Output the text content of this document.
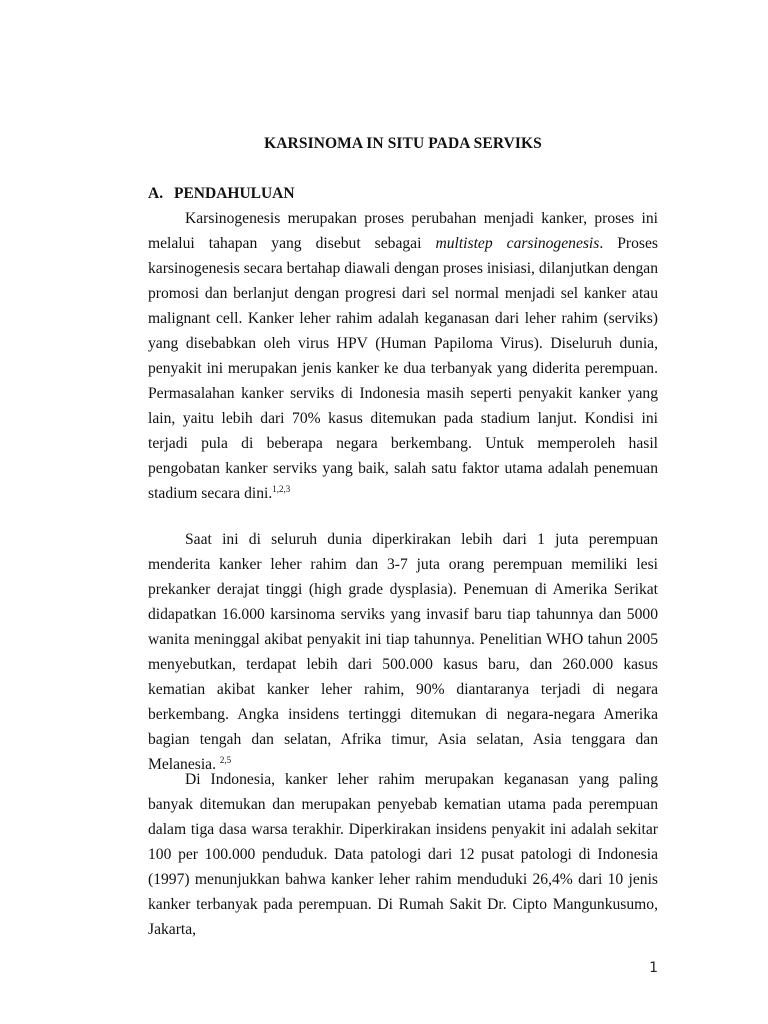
KARSINOMA IN SITU PADA SERVIKS
A. PENDAHULUAN

Karsinogenesis merupakan proses perubahan menjadi kanker, proses ini melalui tahapan yang disebut sebagai multistep carsinogenesis. Proses karsinogenesis secara bertahap diawali dengan proses inisiasi, dilanjutkan dengan promosi dan berlanjut dengan progresi dari sel normal menjadi sel kanker atau malignant cell. Kanker leher rahim adalah keganasan dari leher rahim (serviks) yang disebabkan oleh virus HPV (Human Papiloma Virus). Diseluruh dunia, penyakit ini merupakan jenis kanker ke dua terbanyak yang diderita perempuan. Permasalahan kanker serviks di Indonesia masih seperti penyakit kanker yang lain, yaitu lebih dari 70% kasus ditemukan pada stadium lanjut. Kondisi ini terjadi pula di beberapa negara berkembang. Untuk memperoleh hasil pengobatan kanker serviks yang baik, salah satu faktor utama adalah penemuan stadium secara dini.$^{1,2,3}$

Saat ini di seluruh dunia diperkirakan lebih dari 1 juta perempuan menderita kanker leher rahim dan 3-7 juta orang perempuan memiliki lesi prekanker derajat tinggi (high grade dysplasia). Penemuan di Amerika Serikat didapatkan 16.000 karsinoma serviks yang invasif baru tiap tahunnya dan 5000 wanita meninggal akibat penyakit ini tiap tahunnya. Penelitian WHO tahun 2005 menyebutkan, terdapat lebih dari 500.000 kasus baru, dan 260.000 kasus kematian akibat kanker leher rahim, 90% diantaranya terjadi di negara berkembang. Angka insidens tertinggi ditemukan di negara-negara Amerika bagian tengah dan selatan, Afrika timur, Asia selatan, Asia tenggara dan Melanesia. $^{2,5}$

Di Indonesia, kanker leher rahim merupakan keganasan yang paling banyak ditemukan dan merupakan penyebab kematian utama pada perempuan dalam tiga dasa warsa terakhir. Diperkirakan insidens penyakit ini adalah sekitar 100 per 100.000 penduduk. Data patologi dari 12 pusat patologi di Indonesia (1997) menunjukkan bahwa kanker leher rahim menduduki 26,4% dari 10 jenis kanker terbanyak pada perempuan. Di Rumah Sakit Dr. Cipto Mangunkusumo, Jakarta,

1
